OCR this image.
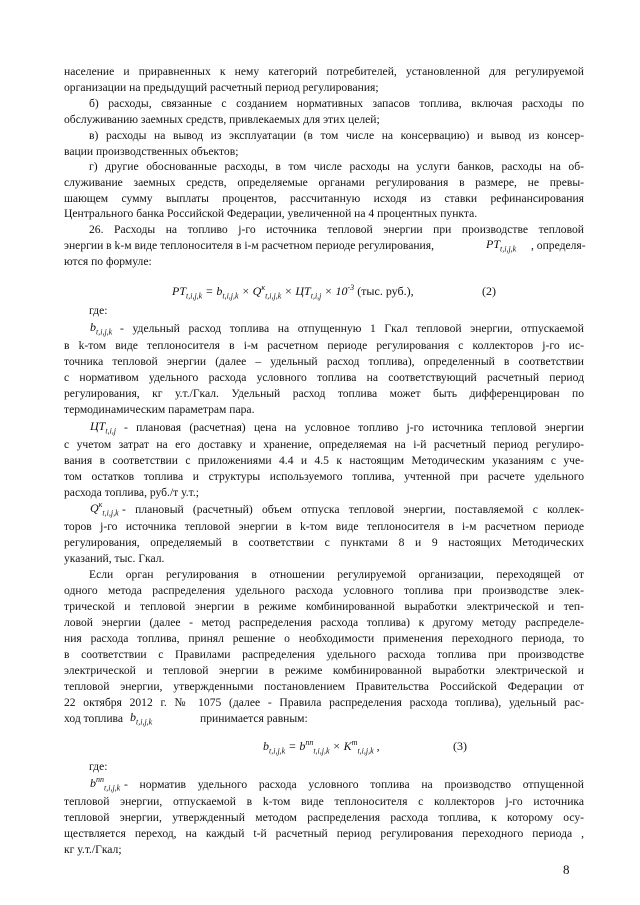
население и приравненных к нему категорий потребителей, установленной для регулируемой
организации на предыдущий расчетный период регулирования;
б) расходы, связанные с созданием нормативных запасов топлива, включая расходы по
обслуживанию заемных средств, привлекаемых для этих целей;
в) расходы на вывод из эксплуатации (в том числе на консервацию) и вывод из консер-
вации производственных объектов;
г) другие обоснованные расходы, в том числе расходы на услуги банков, расходы на об-
служивание заемных средств, определяемые органами регулирования в размере, не превы-
шающем сумму выплаты процентов, рассчитанную исходя из ставки рефинансирования
Центрального банка Российской Федерации, увеличенной на 4 процентных пункта.
26. Расходы на топливо j-го источника тепловой энергии при производстве тепловой
энергии в k-м виде теплоносителя в i-м расчетном периоде регулирования,	, определя-
ются по формуле:
где:
- удельный расход топлива на отпущенную 1 Гкал тепловой энергии, отпускаемой
в k-том виде теплоносителя в i-м расчетном периоде регулирования с коллекторов j-го ис-
точника тепловой энергии (далее – удельный расход топлива), определенный в соответствии
с нормативом удельного расхода условного топлива на соответствующий расчетный период
регулирования, кг у.т./Гкал. Удельный расход топлива может быть дифференцирован по
термодинамическим параметрам пара.
- плановая (расчетная) цена на условное топливо j-го источника тепловой энергии
с учетом затрат на его доставку и хранение, определяемая на i-й расчетный период регулиро-
вания в соответствии с приложениями 4.4 и 4.5 к настоящим Методическим указаниям с уче-
том остатков топлива и структуры используемого топлива, учтенной при расчете удельного
расхода топлива, руб./т у.т.;
- плановый (расчетный) объем отпуска тепловой энергии, поставляемой с коллек-
торов j-го источника тепловой энергии в k-том виде теплоносителя в i-м расчетном периоде
регулирования, определяемый в соответствии с пунктами 8 и 9 настоящих Методических
указаний, тыс. Гкал.
Если орган регулирования в отношении регулируемой организации, переходящей от
одного метода распределения удельного расхода условного топлива при производстве элек-
трической и тепловой энергии в режиме комбинированной выработки электрической и теп-
ловой энергии (далее - метод распределения расхода топлива) к другому методу распределе-
ния расхода топлива, принял решение о необходимости применения переходного периода, то
в соответствии с Правилами распределения удельного расхода топлива при производстве
электрической и тепловой энергии в режиме комбинированной выработки электрической и
тепловой энергии, утвержденными постановлением Правительства Российской Федерации от
22 октября 2012 г. № 1075 (далее - Правила распределения расхода топлива), удельный рас-
ход топлива	принимается равным:
где:
- норматив удельного расхода условного топлива на производство отпущенной
тепловой энергии, отпускаемой в k-том виде теплоносителя с коллекторов j-го источника
тепловой энергии, утвержденный методом распределения расхода топлива, к которому осу-
ществляется переход, на каждый t-й расчетный период регулирования переходного периода ,
кг у.т./Гкал;
$PT_{t,i,j,k}$
$PT_{t,i,j,k} = b_{t,i,j,k} \times Q^к_{t,i,j,k} \times ЦТ_{t,i,j} \times 10^{-3}$ (тыс. руб.),	(2)
$b_{t,i,j,k}$
$ЦТ_{t,i,j}$
$Q^к_{t,i,j,k}$
$b_{t,i,j,k}$
$b_{t,i,j,k} = b^{пп}_{t,i,j,k} \times K^m_{t,i,j,k}$ ,	(3)
$b^{пп}_{t,i,j,k}$
8
